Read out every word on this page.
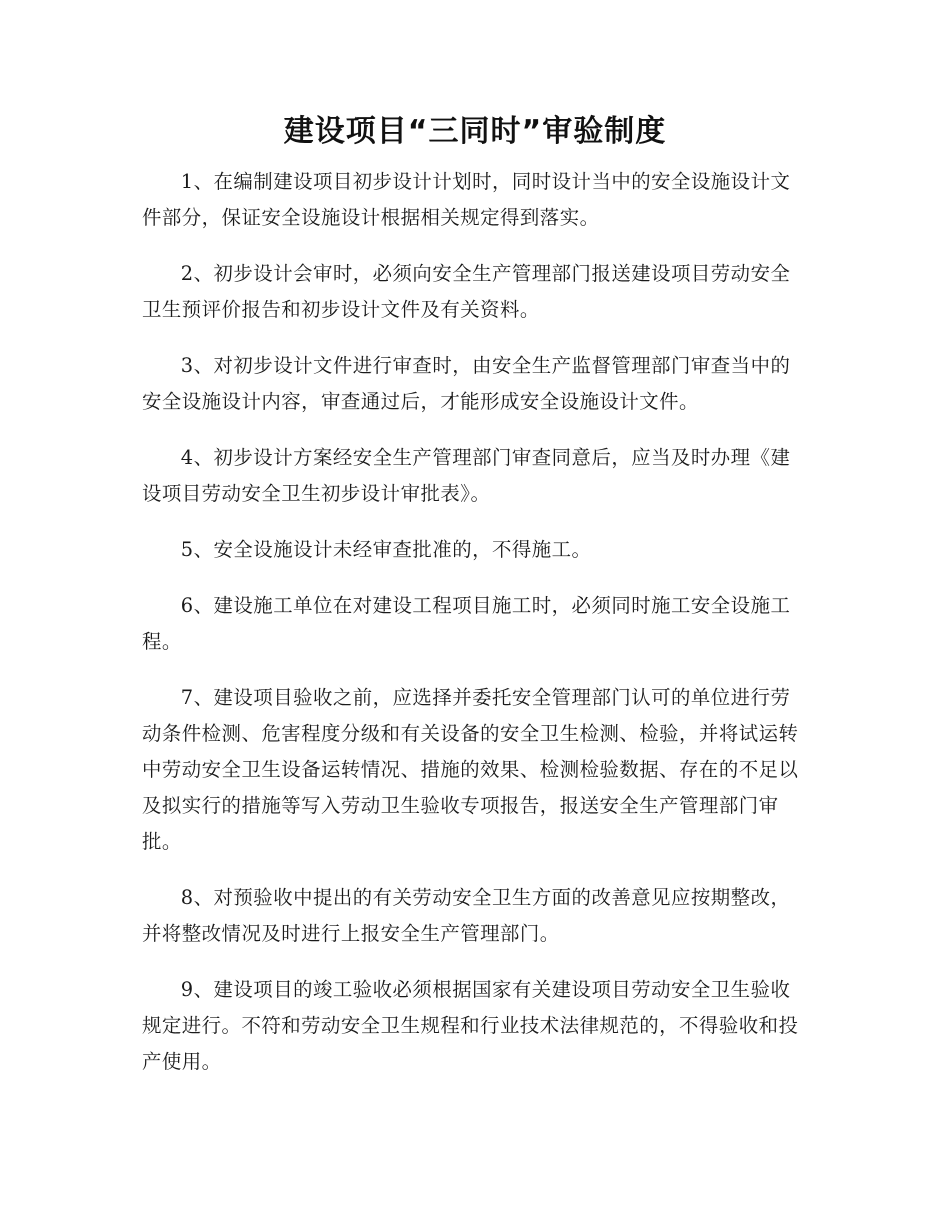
建设项目“三同时”审验制度

1、在编制建设项目初步设计计划时，同时设计当中的安全设施设计文件部分，保证安全设施设计根据相关规定得到落实。

2、初步设计会审时，必须向安全生产管理部门报送建设项目劳动安全卫生预评价报告和初步设计文件及有关资料。

3、对初步设计文件进行审查时，由安全生产监督管理部门审查当中的安全设施设计内容，审查通过后，才能形成安全设施设计文件。

4、初步设计方案经安全生产管理部门审查同意后，应当及时办理《建设项目劳动安全卫生初步设计审批表》。

5、安全设施设计未经审查批准的，不得施工。

6、建设施工单位在对建设工程项目施工时，必须同时施工安全设施工程。

7、建设项目验收之前，应选择并委托安全管理部门认可的单位进行劳动条件检测、危害程度分级和有关设备的安全卫生检测、检验，并将试运转中劳动安全卫生设备运转情况、措施的效果、检测检验数据、存在的不足以及拟实行的措施等写入劳动卫生验收专项报告，报送安全生产管理部门审批。

8、对预验收中提出的有关劳动安全卫生方面的改善意见应按期整改，并将整改情况及时进行上报安全生产管理部门。

9、建设项目的竣工验收必须根据国家有关建设项目劳动安全卫生验收规定进行。不符和劳动安全卫生规程和行业技术法律规范的，不得验收和投产使用。
